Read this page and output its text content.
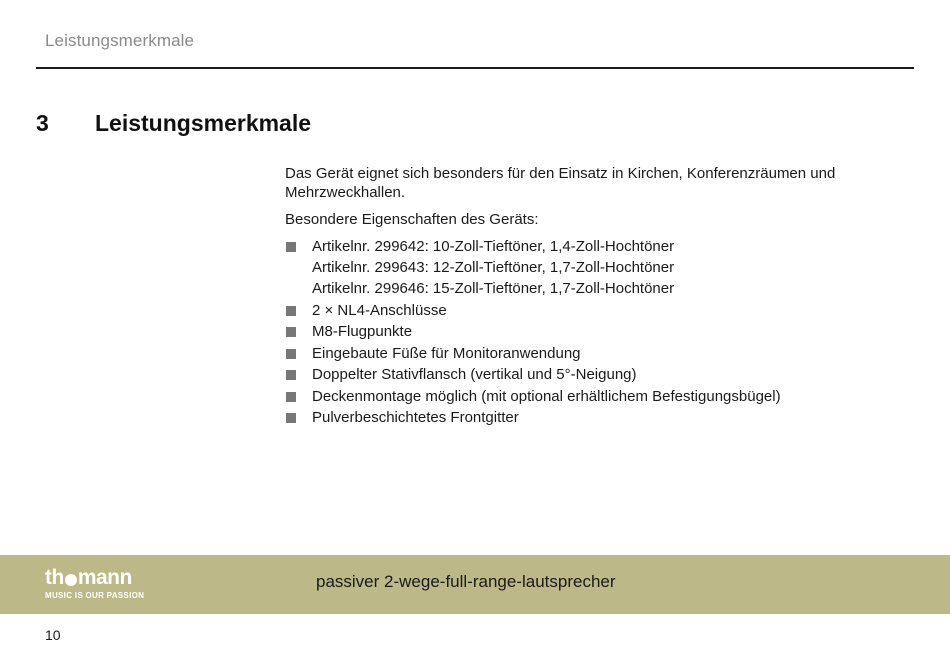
Leistungsmerkmale
3 Leistungsmerkmale

Das Gerät eignet sich besonders für den Einsatz in Kirchen, Konferenzräumen und Mehrzweckhallen.

Besondere Eigenschaften des Geräts:

Artikelnr. 299642: 10-Zoll-Tieftöner, 1,4-Zoll-Hochtöner
Artikelnr. 299643: 12-Zoll-Tieftöner, 1,7-Zoll-Hochtöner
Artikelnr. 299646: 15-Zoll-Tieftöner, 1,7-Zoll-Hochtöner
2 × NL4-Anschlüsse
M8-Flugpunkte
Eingebaute Füße für Monitoranwendung
Doppelter Stativflansch (vertikal und 5°-Neigung)
Deckenmontage möglich (mit optional erhältlichem Befestigungsbügel)
Pulverbeschichtetes Frontgitter
th mann
MUSIC IS OUR PASSION
passiver 2-wege-full-range-lautsprecher
10
